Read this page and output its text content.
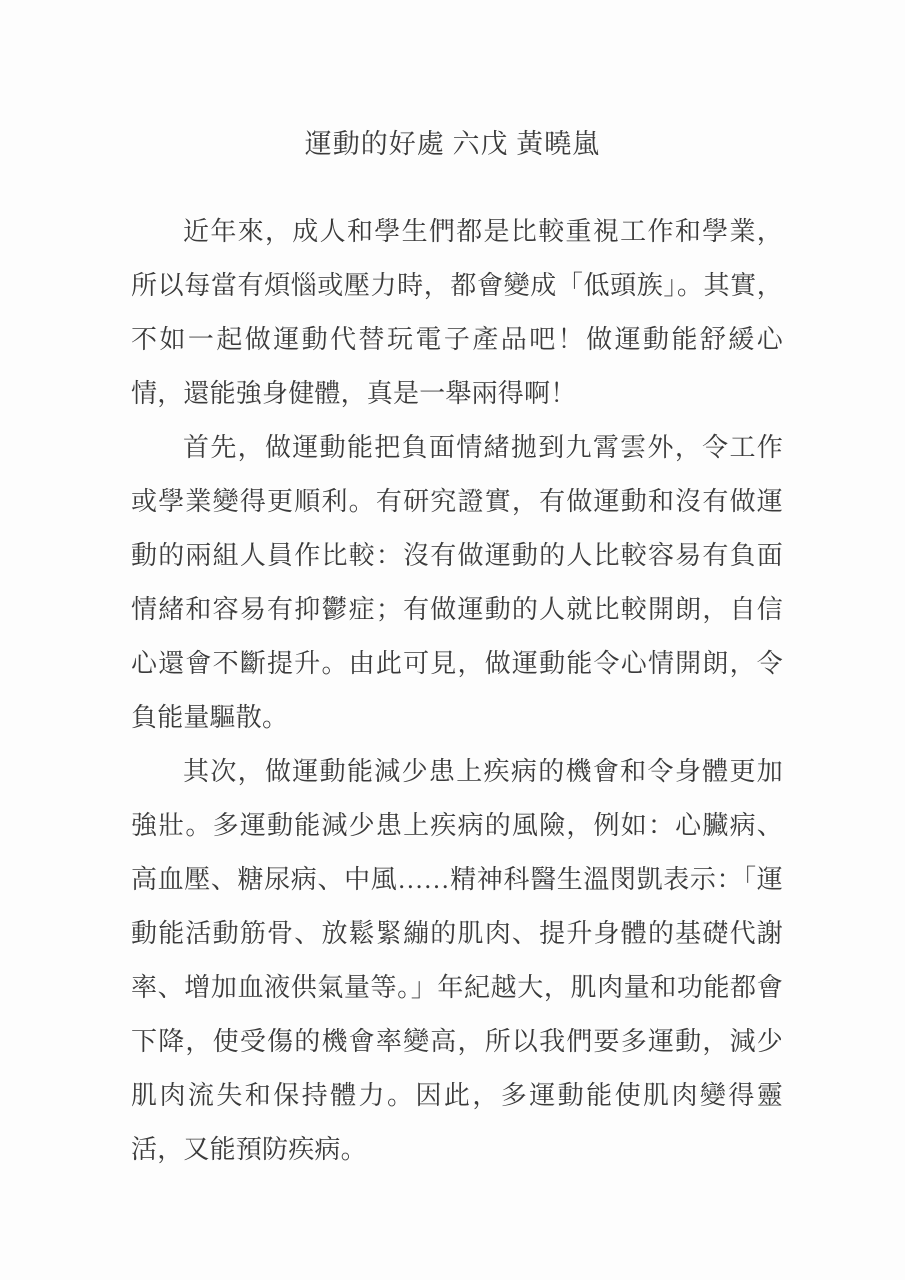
運動的好處 六戊 黃曉嵐

近年來，成人和學生們都是比較重視工作和學業，所以每當有煩惱或壓力時，都會變成「低頭族」。其實，不如一起做運動代替玩電子產品吧！做運動能舒緩心情，還能強身健體，真是一舉兩得啊！

首先，做運動能把負面情緒拋到九霄雲外，令工作或學業變得更順利。有研究證實，有做運動和沒有做運動的兩組人員作比較：沒有做運動的人比較容易有負面情緒和容易有抑鬱症；有做運動的人就比較開朗，自信心還會不斷提升。由此可見，做運動能令心情開朗，令負能量驅散。

其次，做運動能減少患上疾病的機會和令身體更加強壯。多運動能減少患上疾病的風險，例如：心臟病、高血壓、糖尿病、中風……精神科醫生溫閔凱表示：「運動能活動筋骨、放鬆緊繃的肌肉、提升身體的基礎代謝率、增加血液供氣量等。」年紀越大，肌肉量和功能都會下降，使受傷的機會率變高，所以我們要多運動，減少肌肉流失和保持體力。因此，多運動能使肌肉變得靈活，又能預防疾病。
